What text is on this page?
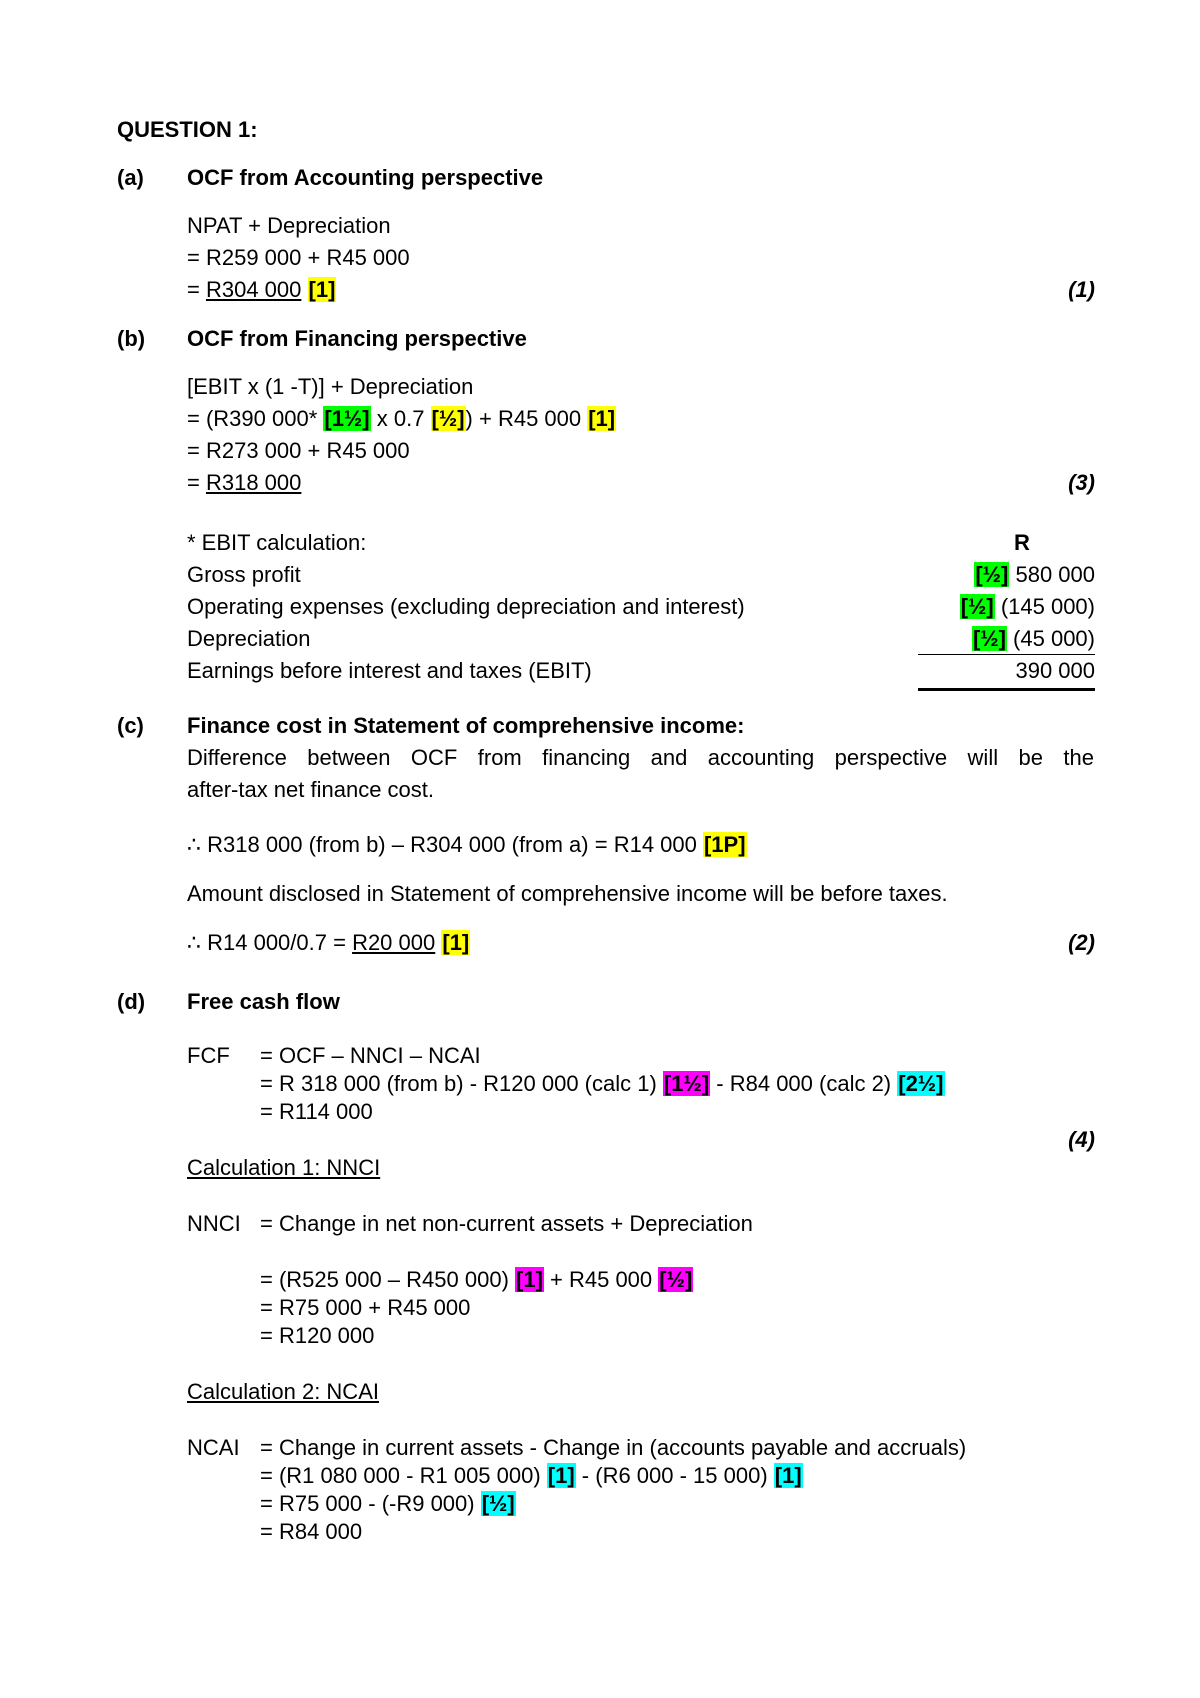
QUESTION 1:
(a) OCF from Accounting perspective
NPAT + Depreciation
= R259 000 + R45 000
= R304 000 [1]	(1)
(b) OCF from Financing perspective
[EBIT x (1 -T)] + Depreciation
= (R390 000* [1½] x 0.7 [½]) + R45 000 [1]
= R273 000 + R45 000
= R318 000	(3)
* EBIT calculation:	R
Gross profit	[½] 580 000
Operating expenses (excluding depreciation and interest)	[½] (145 000)
Depreciation	[½] (45 000)
Earnings before interest and taxes (EBIT)	390 000
(c) Finance cost in Statement of comprehensive income:
Difference between OCF from financing and accounting perspective will be the
after-tax net finance cost.
∴ R318 000 (from b) – R304 000 (from a) = R14 000 [1P]
Amount disclosed in Statement of comprehensive income will be before taxes.
∴ R14 000/0.7 = R20 000 [1]	(2)
(d) Free cash flow
FCF = OCF – NNCI – NCAI
= R 318 000 (from b) - R120 000 (calc 1) [1½] - R84 000 (calc 2) [2½]
= R114 000
(4)
Calculation 1: NNCI
NNCI = Change in net non-current assets + Depreciation
= (R525 000 – R450 000) [1] + R45 000 [½]
= R75 000 + R45 000
= R120 000
Calculation 2: NCAI
NCAI = Change in current assets - Change in (accounts payable and accruals)
= (R1 080 000 - R1 005 000) [1] - (R6 000 - 15 000) [1]
= R75 000 - (-R9 000) [½]
= R84 000
